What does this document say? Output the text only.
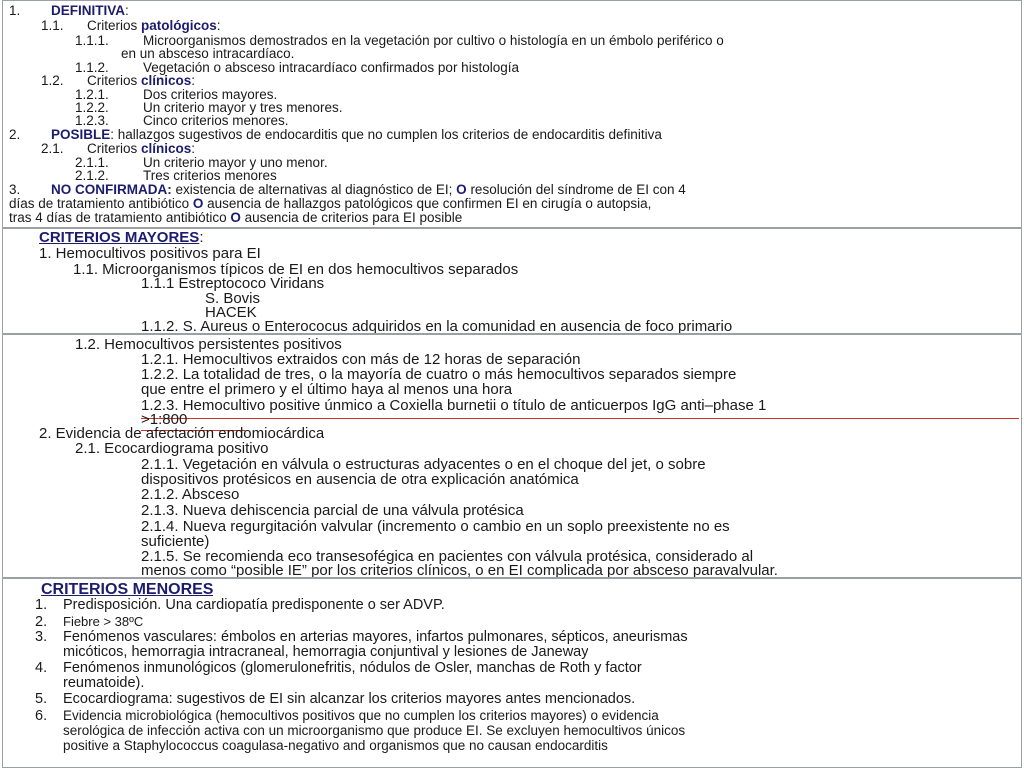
1. DEFINITIVA:
1.1. Criterios patológicos:
1.1.1.	Microorganismos demostrados en la vegetación por cultivo o histología en un émbolo periférico o
en un absceso intracardíaco.
1.1.2.	Vegetación o absceso intracardíaco confirmados por histología
1.2. Criterios clínicos:
1.2.1.	Dos criterios mayores.
1.2.2.	Un criterio mayor y tres menores.
1.2.3.	Cinco criterios menores.
2. POSIBLE: hallazgos sugestivos de endocarditis que no cumplen los criterios de endocarditis definitiva
2.1. Criterios clínicos:
2.1.1.	Un criterio mayor y uno menor.
2.1.2.	Tres criterios menores
3. NO CONFIRMADA: existencia de alternativas al diagnóstico de EI; O resolución del síndrome de EI con 4
días de tratamiento antibiótico O ausencia de hallazgos patológicos que confirmen EI en cirugía o autopsia,
tras 4 días de tratamiento antibiótico O ausencia de criterios para EI posible
CRITERIOS MAYORES:
1. Hemocultivos positivos para EI
1.1. Microorganismos típicos de EI en dos hemocultivos separados
1.1.1 Estreptococo Viridans
S. Bovis
HACEK
1.1.2. S. Aureus o Enterococus adquiridos en la comunidad en ausencia de foco primario
1.2. Hemocultivos persistentes positivos
1.2.1. Hemocultivos extraidos con más de 12 horas de separación
1.2.2. La totalidad de tres, o la mayoría de cuatro o más hemocultivos separados siempre
que entre el primero y el último haya al menos una hora
1.2.3. Hemocultivo positive únmico a Coxiella burnetii o título de anticuerpos IgG anti–phase 1
>1:800
2. Evidencia de afectación endomiocárdica
2.1. Ecocardiograma positivo
2.1.1. Vegetación en válvula o estructuras adyacentes o en el choque del jet, o sobre
dispositivos protésicos en ausencia de otra explicación anatómica
2.1.2. Absceso
2.1.3. Nueva dehiscencia parcial de una válvula protésica
2.1.4. Nueva regurgitación valvular (incremento o cambio en un soplo preexistente no es
suficiente)
2.1.5. Se recomienda eco transesofégica en pacientes con válvula protésica, considerado al
menos como “posible IE” por los criterios clínicos, o en EI complicada por absceso paravalvular.
CRITERIOS MENORES
1. Predisposición. Una cardiopatía predisponente o ser ADVP.
2. Fiebre > 38ºC
3. Fenómenos vasculares: émbolos en arterias mayores, infartos pulmonares, sépticos, aneurismas
micóticos, hemorragia intracraneal, hemorragia conjuntival y lesiones de Janeway
4. Fenómenos inmunológicos (glomerulonefritis, nódulos de Osler, manchas de Roth y factor
reumatoide).
5. Ecocardiograma: sugestivos de EI sin alcanzar los criterios mayores antes mencionados.
6. Evidencia microbiológica (hemocultivos positivos que no cumplen los criterios mayores) o evidencia
serológica de infección activa con un microorganismo que produce EI. Se excluyen hemocultivos únicos
positive a Staphylococcus coagulasa-negativo and organismos que no causan endocarditis
